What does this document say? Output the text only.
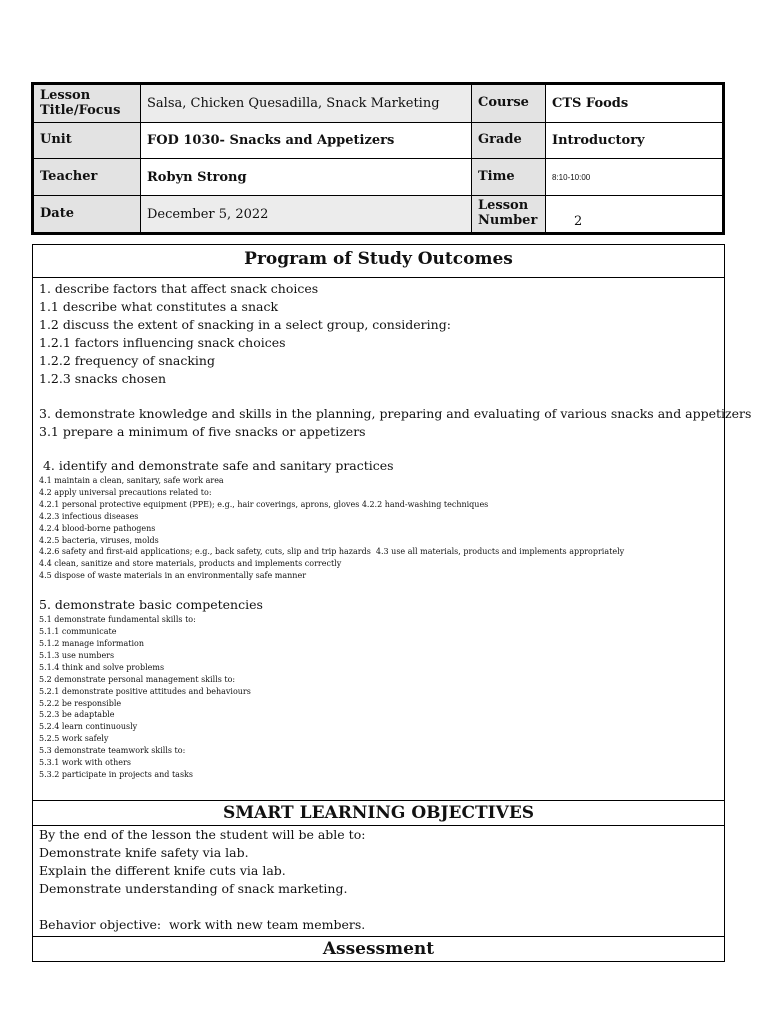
Lesson Title/Focus	Salsa, Chicken Quesadilla, Snack Marketing	Course	CTS Foods
Unit	FOD 1030- Snacks and Appetizers	Grade	Introductory
Teacher	Robyn Strong	Time	8:10-10:00
Date	December 5, 2022
Lesson Number	2
Program of Study Outcomes
1. describe factors that affect snack choices
1.1 describe what constitutes a snack
1.2 discuss the extent of snacking in a select group, considering:
1.2.1 factors influencing snack choices
1.2.2 frequency of snacking
1.2.3 snacks chosen
3. demonstrate knowledge and skills in the planning, preparing and evaluating of various snacks and appetizers
3.1 prepare a minimum of five snacks or appetizers
4. identify and demonstrate safe and sanitary practices
4.1 maintain a clean, sanitary, safe work area
4.2 apply universal precautions related to:
4.2.1 personal protective equipment (PPE); e.g., hair coverings, aprons, gloves 4.2.2 hand-washing techniques
4.2.3 infectious diseases
4.2.4 blood-borne pathogens
4.2.5 bacteria, viruses, molds
4.2.6 safety and first-aid applications; e.g., back safety, cuts, slip and trip hazards  4.3 use all materials, products and implements appropriately
4.4 clean, sanitize and store materials, products and implements correctly
4.5 dispose of waste materials in an environmentally safe manner
5. demonstrate basic competencies
5.1 demonstrate fundamental skills to:
5.1.1 communicate
5.1.2 manage information
5.1.3 use numbers
5.1.4 think and solve problems
5.2 demonstrate personal management skills to:
5.2.1 demonstrate positive attitudes and behaviours
5.2.2 be responsible
5.2.3 be adaptable
5.2.4 learn continuously
5.2.5 work safely
5.3 demonstrate teamwork skills to:
5.3.1 work with others
5.3.2 participate in projects and tasks
SMART LEARNING OBJECTIVES
By the end of the lesson the student will be able to:
Demonstrate knife safety via lab.
Explain the different knife cuts via lab.
Demonstrate understanding of snack marketing.
Behavior objective:  work with new team members.
Assessment
